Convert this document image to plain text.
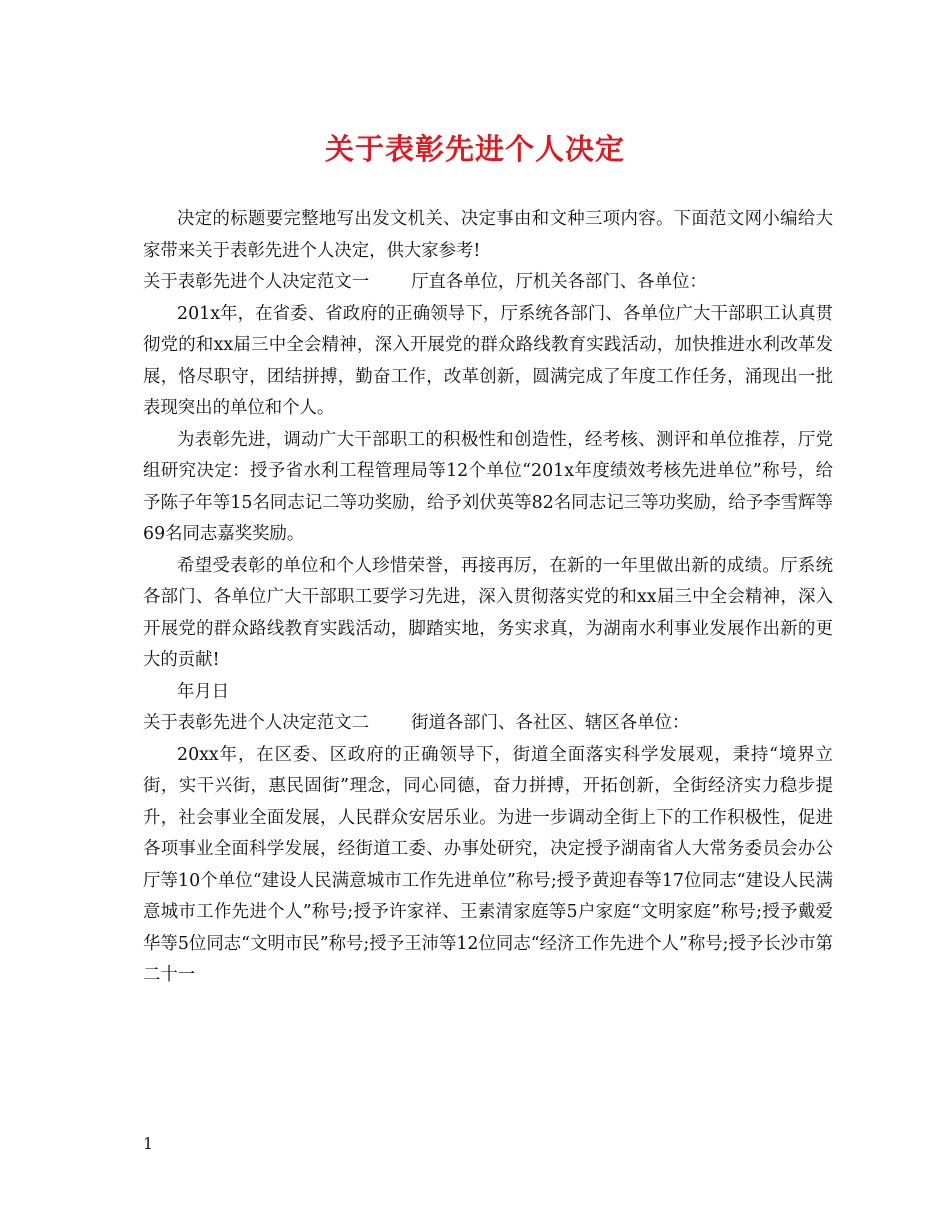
关于表彰先进个人决定

决定的标题要完整地写出发文机关、决定事由和文种三项内容。下面范文网小编给大家带来关于表彰先进个人决定，供大家参考!

关于表彰先进个人决定范文一 厅直各单位，厅机关各部门、各单位：

201x年，在省委、省政府的正确领导下，厅系统各部门、各单位广大干部职工认真贯彻党的和xx届三中全会精神，深入开展党的群众路线教育实践活动，加快推进水利改革发展，恪尽职守，团结拼搏，勤奋工作，改革创新，圆满完成了年度工作任务，涌现出一批表现突出的单位和个人。

为表彰先进，调动广大干部职工的积极性和创造性，经考核、测评和单位推荐，厅党组研究决定：授予省水利工程管理局等12个单位“201x年度绩效考核先进单位”称号，给予陈子年等15名同志记二等功奖励，给予刘伏英等82名同志记三等功奖励，给予李雪辉等69名同志嘉奖奖励。

希望受表彰的单位和个人珍惜荣誉，再接再厉，在新的一年里做出新的成绩。厅系统各部门、各单位广大干部职工要学习先进，深入贯彻落实党的和xx届三中全会精神，深入开展党的群众路线教育实践活动，脚踏实地，务实求真，为湖南水利事业发展作出新的更大的贡献!

年月日

关于表彰先进个人决定范文二 街道各部门、各社区、辖区各单位：

20xx年，在区委、区政府的正确领导下，街道全面落实科学发展观，秉持“境界立街，实干兴街，惠民固街”理念，同心同德，奋力拼搏，开拓创新，全街经济实力稳步提升，社会事业全面发展，人民群众安居乐业。为进一步调动全街上下的工作积极性，促进各项事业全面科学发展，经街道工委、办事处研究，决定授予湖南省人大常务委员会办公厅等10个单位“建设人民满意城市工作先进单位”称号;授予黄迎春等17位同志“建设人民满意城市工作先进个人”称号;授予许家祥、王素清家庭等5户家庭“文明家庭”称号;授予戴爱华等5位同志“文明市民”称号;授予王沛等12位同志“经济工作先进个人”称号;授予长沙市第二十一

1
